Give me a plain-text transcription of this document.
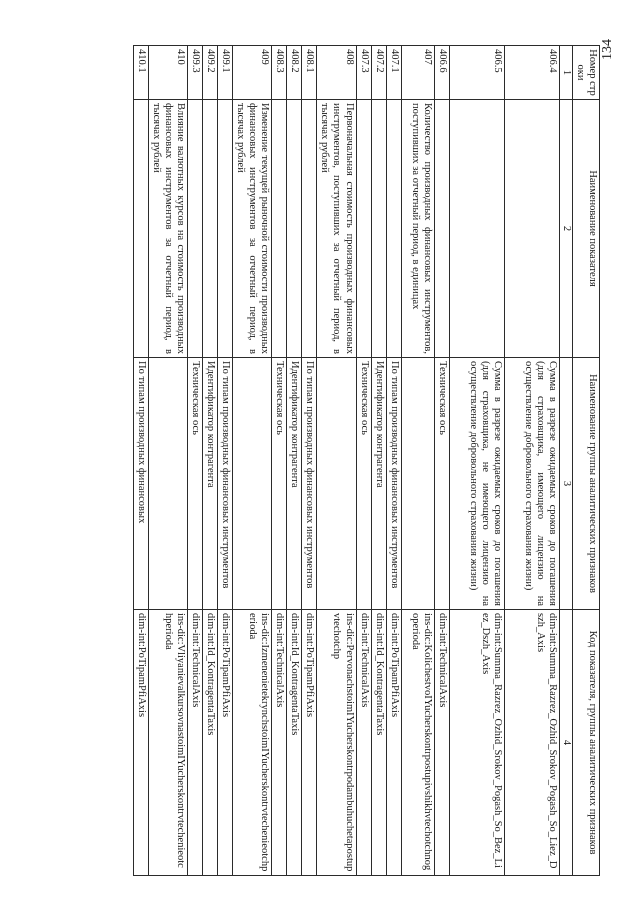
134
Номер строки	Наименование показателя	Наименование группы аналитических признаков	Код показателя, группы аналитических признаков
1	2	3	4
406.4		Сумма в разрезе ожидаемых сроков до погашения (для страховщика, имеющего лицензию на осуществление добровольного страхования жизни)	dim-int:Summa_Razrez_Ozhid_Srokov_Pogash_So_Liez_Dszh_Axis
406.5		Сумма в разрезе ожидаемых сроков до погашения (для страховщика, не имеющего лицензию на осуществление добровольного страхования жизни)	dim-int:Summa_Razrez_Ozhid_Srokov_Pogash_So_Bez_Liez_Dszh_Axis
406.6		Техническая ось	dim-int:TechnicalAxis
407	Количество производных финансовых инструментов, поступивших за отчетный период, в единицах		ins-dic:KolichestvoIYucherskontrpostupivshikhvtechotchnogoperioda
407.1		По типам производных финансовых инструментов	dim-int:PoTipamPfiAxis
407.2		Идентификатор контрагента	dim-int:Id_KontragentaTaxis
407.3		Техническая ось	dim-int:TechnicalAxis
408	Первоначальная стоимость производных финансовых инструментов, поступивших за отчетный период, в тысячах рублей		ins-dic:PervonachstoimIYucherskontrpodambuhuchetapostupvtechotchp
408.1		По типам производных финансовых инструментов	dim-int:PoTipamPfiAxis
408.2		Идентификатор контрагента	dim-int:Id_KontragentaTaxis
408.3		Техническая ось	dim-int:TechnicalAxis
409	Изменение текущей рыночной стоимости производных финансовых инструментов за отчетный период, в тысячах рублей		ins-dic:IzmenenietekrynchstoimIYucherskontrvtechenieotchperioda
409.1		По типам производных финансовых инструментов	dim-int:PoTipamPfiAxis
409.2		Идентификатор контрагента	dim-int:Id_KontragentaTaxis
409.3		Техническая ось	dim-int:TechnicalAxis
410	Влияние валютных курсов на стоимость производных финансовых инструментов за отчетный период, в тысячах рублей		ins-dic:VliyanievalkursovnastoimIYucherskontrvtechenieotchperioda
410.1		По типам производных финансовых	dim-int:PoTipamPfiAxis
